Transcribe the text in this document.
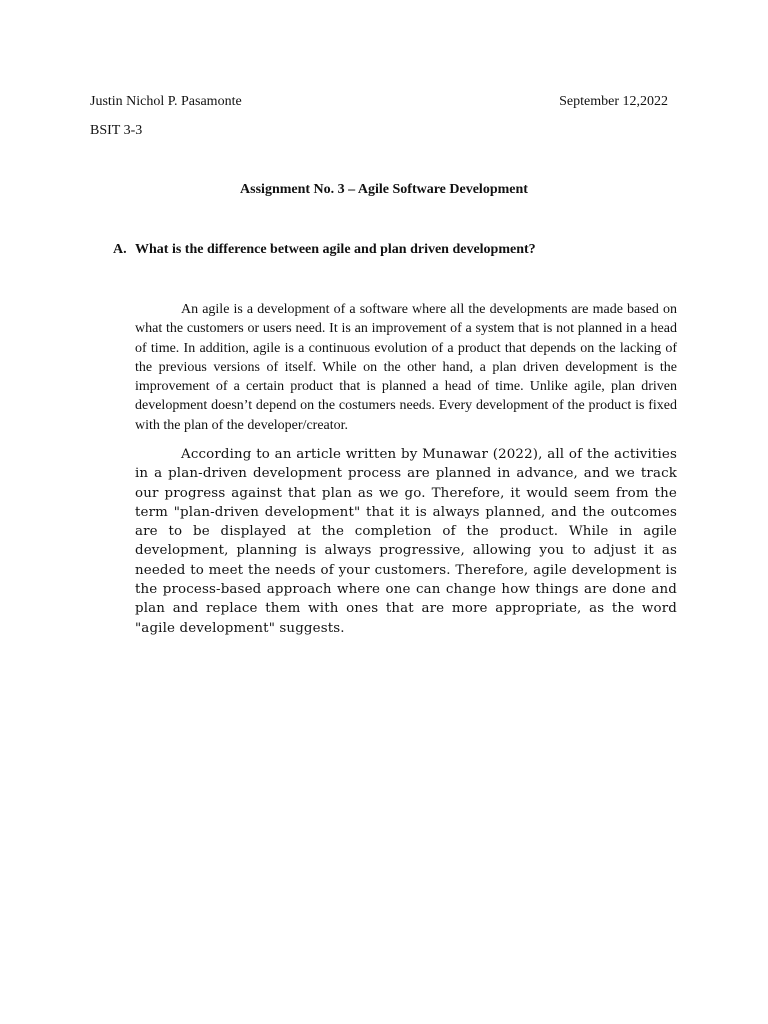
Justin Nichol P. Pasamonte	September 12,2022
BSIT 3-3
Assignment No. 3 – Agile Software Development
A. What is the difference between agile and plan driven development?

An agile is a development of a software where all the developments are made based on what the customers or users need. It is an improvement of a system that is not planned in a head of time. In addition, agile is a continuous evolution of a product that depends on the lacking of the previous versions of itself. While on the other hand, a plan driven development is the improvement of a certain product that is planned a head of time. Unlike agile, plan driven development doesn’t depend on the costumers needs. Every development of the product is fixed with the plan of the developer/creator.

According to an article written by Munawar (2022), all of the activities in a plan-driven development process are planned in advance, and we track our progress against that plan as we go. Therefore, it would seem from the term "plan-driven development" that it is always planned, and the outcomes are to be displayed at the completion of the product. While in agile development, planning is always progressive, allowing you to adjust it as needed to meet the needs of your customers. Therefore, agile development is the process-based approach where one can change how things are done and plan and replace them with ones that are more appropriate, as the word "agile development" suggests.
